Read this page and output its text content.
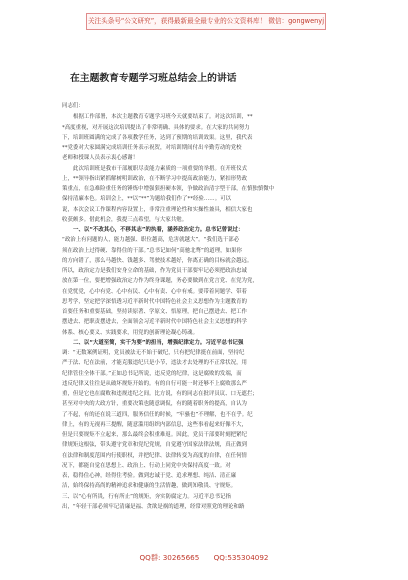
关注头条号“公文研究”，获得最新最全最专业的公文资料库！ 微信：gongwenyj
在主题教育专题学习班总结会上的讲话
同志们：
根据工作部署，本次主题教育专题学习班今天就要结束了。对这次培训，**
*高度重视，对开展这次培训提出了非常明确、具体的要求。在大家的共同努力
下，培训班圆满的完成了各项教学任务，达到了预期的培训效果。这里，我代表
**党委对大家圆满完成培训任务表示祝贺，对培训期间付出辛勤劳动的党校
老师和授课人员表示衷心感谢！
此次培训班是我市干部履职尽责能力素质的一项重要的举措。在开班仪式
上，**领导指出紧抓解树明训政治，在不断学习中提高政治能力，紧扣形势政
策重点，在急难险重任务的锤炼中增强狠担硬本领，争做政治清字型干部，在慎独慎微中
保持清廉本色。培训会上，**以“**”为题给我们作了**经验……。可以
说，本次会议工作课程内容设置上，非常注重理论性和实操性兼具，相信大家也
收获颇多。借此机会，我提三点希望，与大家共勉。
一、以“不改其心，不移其志”的执着，涵养政治定力。总书记曾说过：
“政治上有问题的人，能力越强、职位越高，危害就越大”。“我们选干部必
须在政治上过得硬、靠得住的干部。”总书记如何“高驰北骛”的道理，如果你
的方向错了，那么马越快、钱越多、驾驶技术越好，你离正确的目标就会越远。
所以，政治定力是我们安身立命的基础，作为党员干部要牢记必须把政治忠诚
放在第一位，要把增强政治定力作为终身课题，务必要做到在党言党、在党为党，
在党忧党，心中有党、心中有民、心中有责、心中有戒。要带着问题学、带着
思考学，坚定把学深悟透习近平新时代中国特色社会主义思想作为主题教育的
首要任务和重要基础，坚持读原著、学原文、悟原理，把自己摆进去、把工作
摆进去、把职责摆进去，全面领会习近平新时代中国特色社会主义思想的科学
体系、核心要义、实践要求，用党的创新理论凝心铸魂。
二、以“大道至简，实干为要”的担当，增强纪律定力。习近平总书记强
调：“无数案例证明，党员被法无不始于破纪，只有把纪律挺在前面，坚持纪
严于法、纪在法前，才能克服违纪只是小节，违法才去处理的不正常状况，用
纪律管住全体干部。”正如总书记所说，违反党的纪律，这是腐败的发端，而
违反纪律又往往是从破坏规矩开始的。有的自行可能一时还够不上腐败那么严
重，但是它也在腐败和违规违纪之间。比方说，有的同志在批评员议、口无遮拦；
甚至对中央的大政方针，重要决策也随意调侃，有的随着职务的提高，自认为
了不起，有的还在说三道四，服务信任的时候，“牢骚也”不理解，也不在乎。纪
律上，有的无视再三提醒，随意滥用组织内部信息，这些事看起来好像不大，
但是只要规矩不立起来，那么最终会积重难返。因此，党员干部要时刻把紧纪
律规矩这根弦，带头遵守党章和党纪党规，自觉遵守国家法律法规，真正做到
在法律和制度范围内行使职权，并把纪律、法律转变为高度的自律，在任何情
况下，都能自觉在思想上、政治上、行动上同党中央保持高度一致。对
表，稳得住心神，经得住考验。做到忠诚于党、追求理想、纯洁、清正廉
洁，始终保持高尚的精神追求和健康的生活情趣，做到知敬畏、守规矩。
三、以“心有所畏，行有所止”的规矩，夯实防腐定力。习近平总书记指
出，“年轻干部必须牢记清廉是福、贪欲是祸的道理，经常对照党的理论和路
QQ群: 30265665 QQ:535304092
